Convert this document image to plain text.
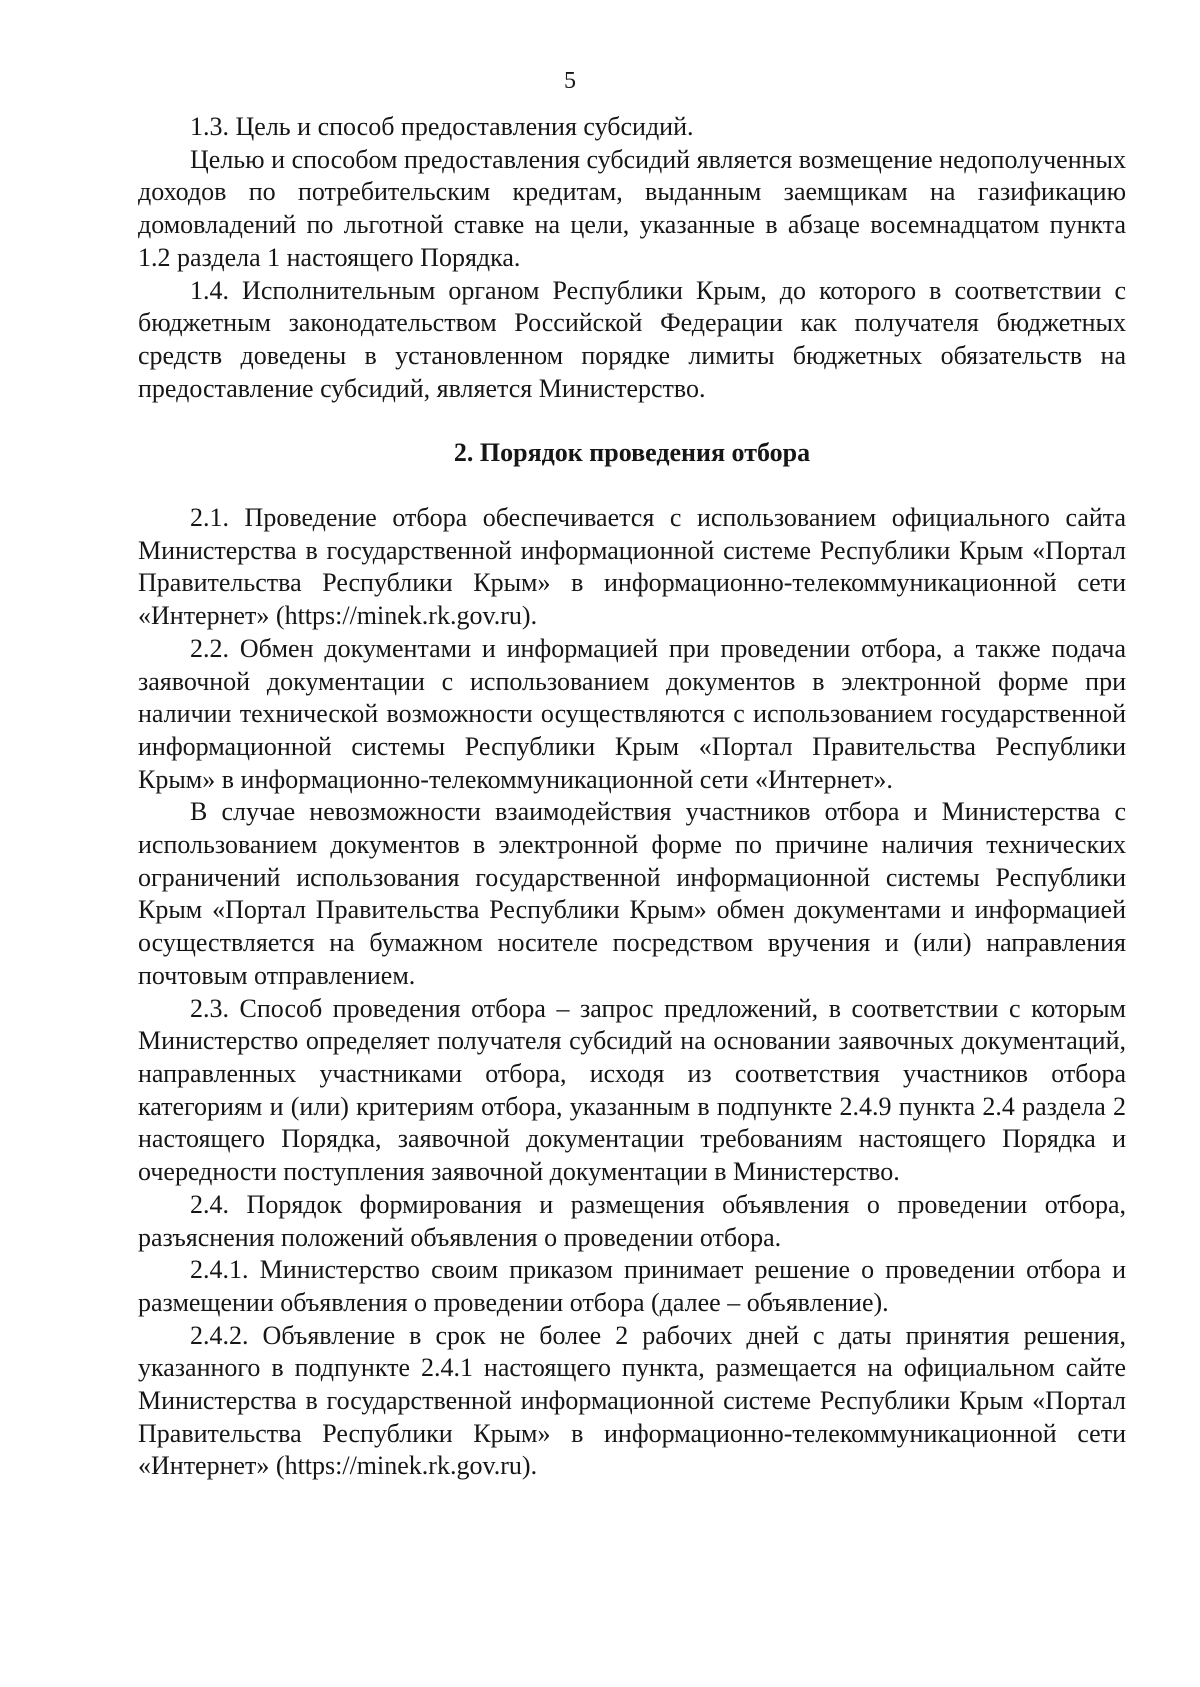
5

1.3. Цель и способ предоставления субсидий.

Целью и способом предоставления субсидий является возмещение недополученных доходов по потребительским кредитам, выданным заемщикам на газификацию домовладений по льготной ставке на цели, указанные в абзаце восемнадцатом пункта 1.2 раздела 1 настоящего Порядка.

1.4. Исполнительным органом Республики Крым, до которого в соответствии с бюджетным законодательством Российской Федерации как получателя бюджетных средств доведены в установленном порядке лимиты бюджетных обязательств на предоставление субсидий, является Министерство.

2. Порядок проведения отбора

2.1. Проведение отбора обеспечивается с использованием официального сайта Министерства в государственной информационной системе Республики Крым «Портал Правительства Республики Крым» в информационно-телекоммуникационной сети «Интернет» (https://minek.rk.gov.ru).

2.2. Обмен документами и информацией при проведении отбора, а также подача заявочной документации с использованием документов в электронной форме при наличии технической возможности осуществляются с использованием государственной информационной системы Республики Крым «Портал Правительства Республики Крым» в информационно-телекоммуникационной сети «Интернет».

В случае невозможности взаимодействия участников отбора и Министерства с использованием документов в электронной форме по причине наличия технических ограничений использования государственной информационной системы Республики Крым «Портал Правительства Республики Крым» обмен документами и информацией осуществляется на бумажном носителе посредством вручения и (или) направления почтовым отправлением.

2.3. Способ проведения отбора – запрос предложений, в соответствии с которым Министерство определяет получателя субсидий на основании заявочных документаций, направленных участниками отбора, исходя из соответствия участников отбора категориям и (или) критериям отбора, указанным в подпункте 2.4.9 пункта 2.4 раздела 2 настоящего Порядка, заявочной документации требованиям настоящего Порядка и очередности поступления заявочной документации в Министерство.

2.4. Порядок формирования и размещения объявления о проведении отбора, разъяснения положений объявления о проведении отбора.

2.4.1. Министерство своим приказом принимает решение о проведении отбора и размещении объявления о проведении отбора (далее – объявление).

2.4.2. Объявление в срок не более 2 рабочих дней с даты принятия решения, указанного в подпункте 2.4.1 настоящего пункта, размещается на официальном сайте Министерства в государственной информационной системе Республики Крым «Портал Правительства Республики Крым» в информационно-телекоммуникационной сети «Интернет» (https://minek.rk.gov.ru).
